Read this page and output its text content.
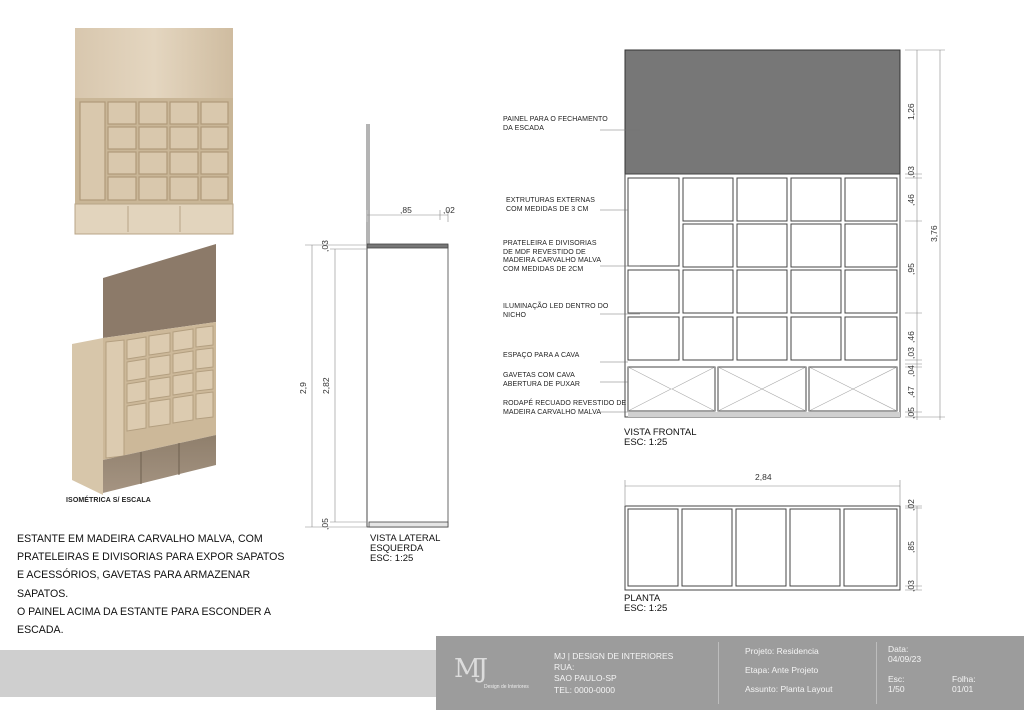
ISOMÉTRICA S/ ESCALA

ESTANTE EM MADEIRA CARVALHO MALVA, COM

PRATELEIRAS E DIVISORIAS PARA EXPOR SAPATOS

E ACESSÓRIOS, GAVETAS PARA ARMAZENAR

SAPATOS.

O PAINEL ACIMA DA ESTANTE PARA ESCONDER A

ESCADA.

,85	,02
,03
2,9 2,82
,05
VISTA LATERAL
ESQUERDA
ESC: 1:25
1,26
,03
,46
,95
,46
,03
,04
,47
,05
3,76
PAINEL PARA O FECHAMENTO
DA ESCADA
EXTRUTURAS EXTERNAS
COM MEDIDAS DE 3 CM
PRATELEIRA E DIVISORIAS
DE MDF REVESTIDO DE
MADEIRA CARVALHO MALVA
COM MEDIDAS DE 2CM
ILUMINAÇÃO LED DENTRO DO
NICHO
ESPAÇO PARA A CAVA
GAVETAS COM CAVA
ABERTURA DE PUXAR
RODAPÉ RECUADO REVESTIDO DE
MADEIRA CARVALHO MALVA
VISTA FRONTAL
ESC: 1:25
2,84
,02
,85
,03
PLANTA
ESC: 1:25
MJ
Design de Interiores
MJ | DESIGN DE INTERIORES
RUA:
SAO PAULO-SP
TEL: 0000-0000
Projeto: Residencia
Etapa: Ante Projeto
Assunto: Planta Layout
Data:
04/09/23
Esc:
1/50
Folha:
01/01
